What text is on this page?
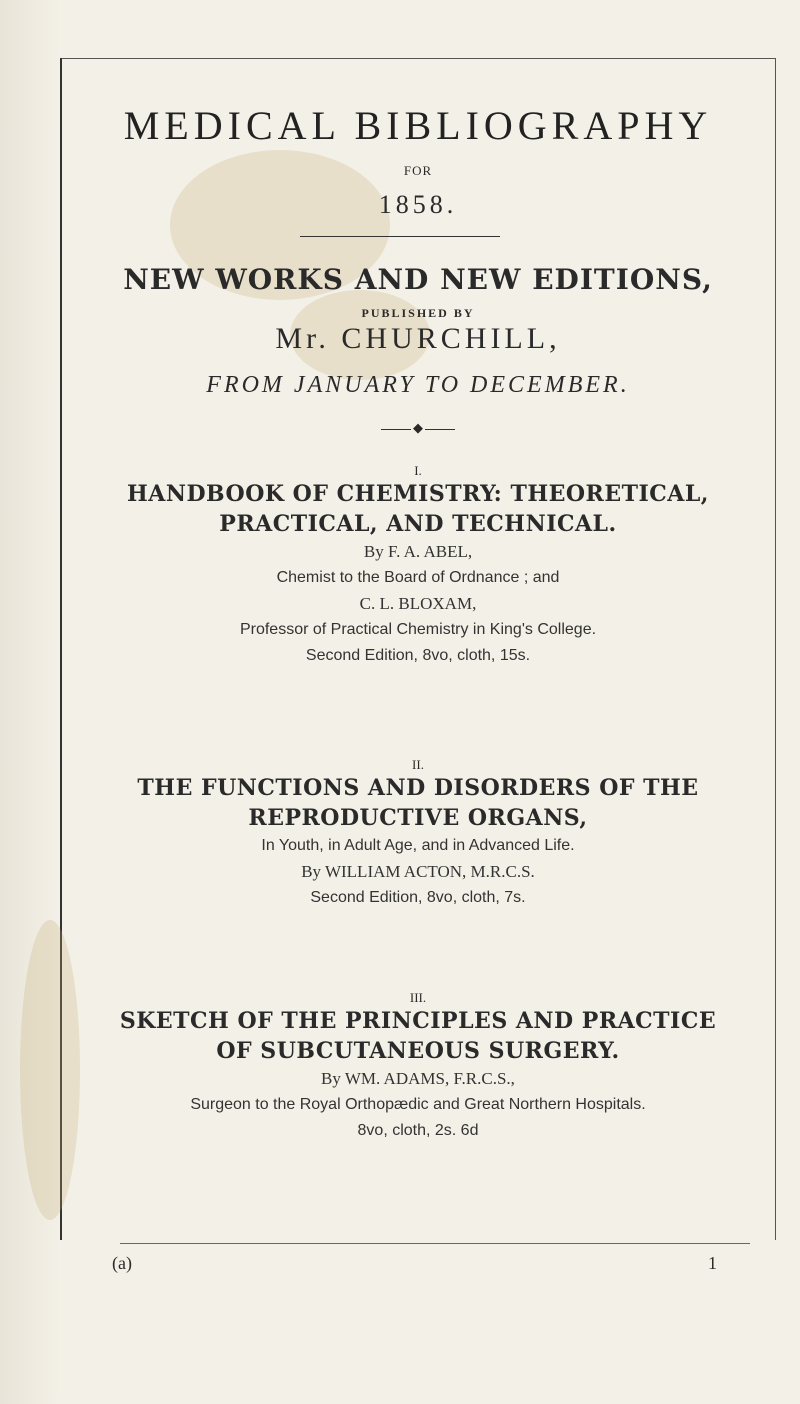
MEDICAL BIBLIOGRAPHY
FOR
1858.
NEW WORKS AND NEW EDITIONS,
PUBLISHED BY
Mr. CHURCHILL,
FROM JANUARY TO DECEMBER.
◆
I.
HANDBOOK OF CHEMISTRY: THEORETICAL,
PRACTICAL, AND TECHNICAL.
By F. A. ABEL,
Chemist to the Board of Ordnance ; and
C. L. BLOXAM,
Professor of Practical Chemistry in King's College.
Second Edition, 8vo, cloth, 15s.
II.
THE FUNCTIONS AND DISORDERS OF THE
REPRODUCTIVE ORGANS,
In Youth, in Adult Age, and in Advanced Life.
By WILLIAM ACTON, M.R.C.S.
Second Edition, 8vo, cloth, 7s.
III.
SKETCH OF THE PRINCIPLES AND PRACTICE
OF SUBCUTANEOUS SURGERY.
By WM. ADAMS, F.R.C.S.,
Surgeon to the Royal Orthopædic and Great Northern Hospitals.
8vo, cloth, 2s. 6d
(a)	1
